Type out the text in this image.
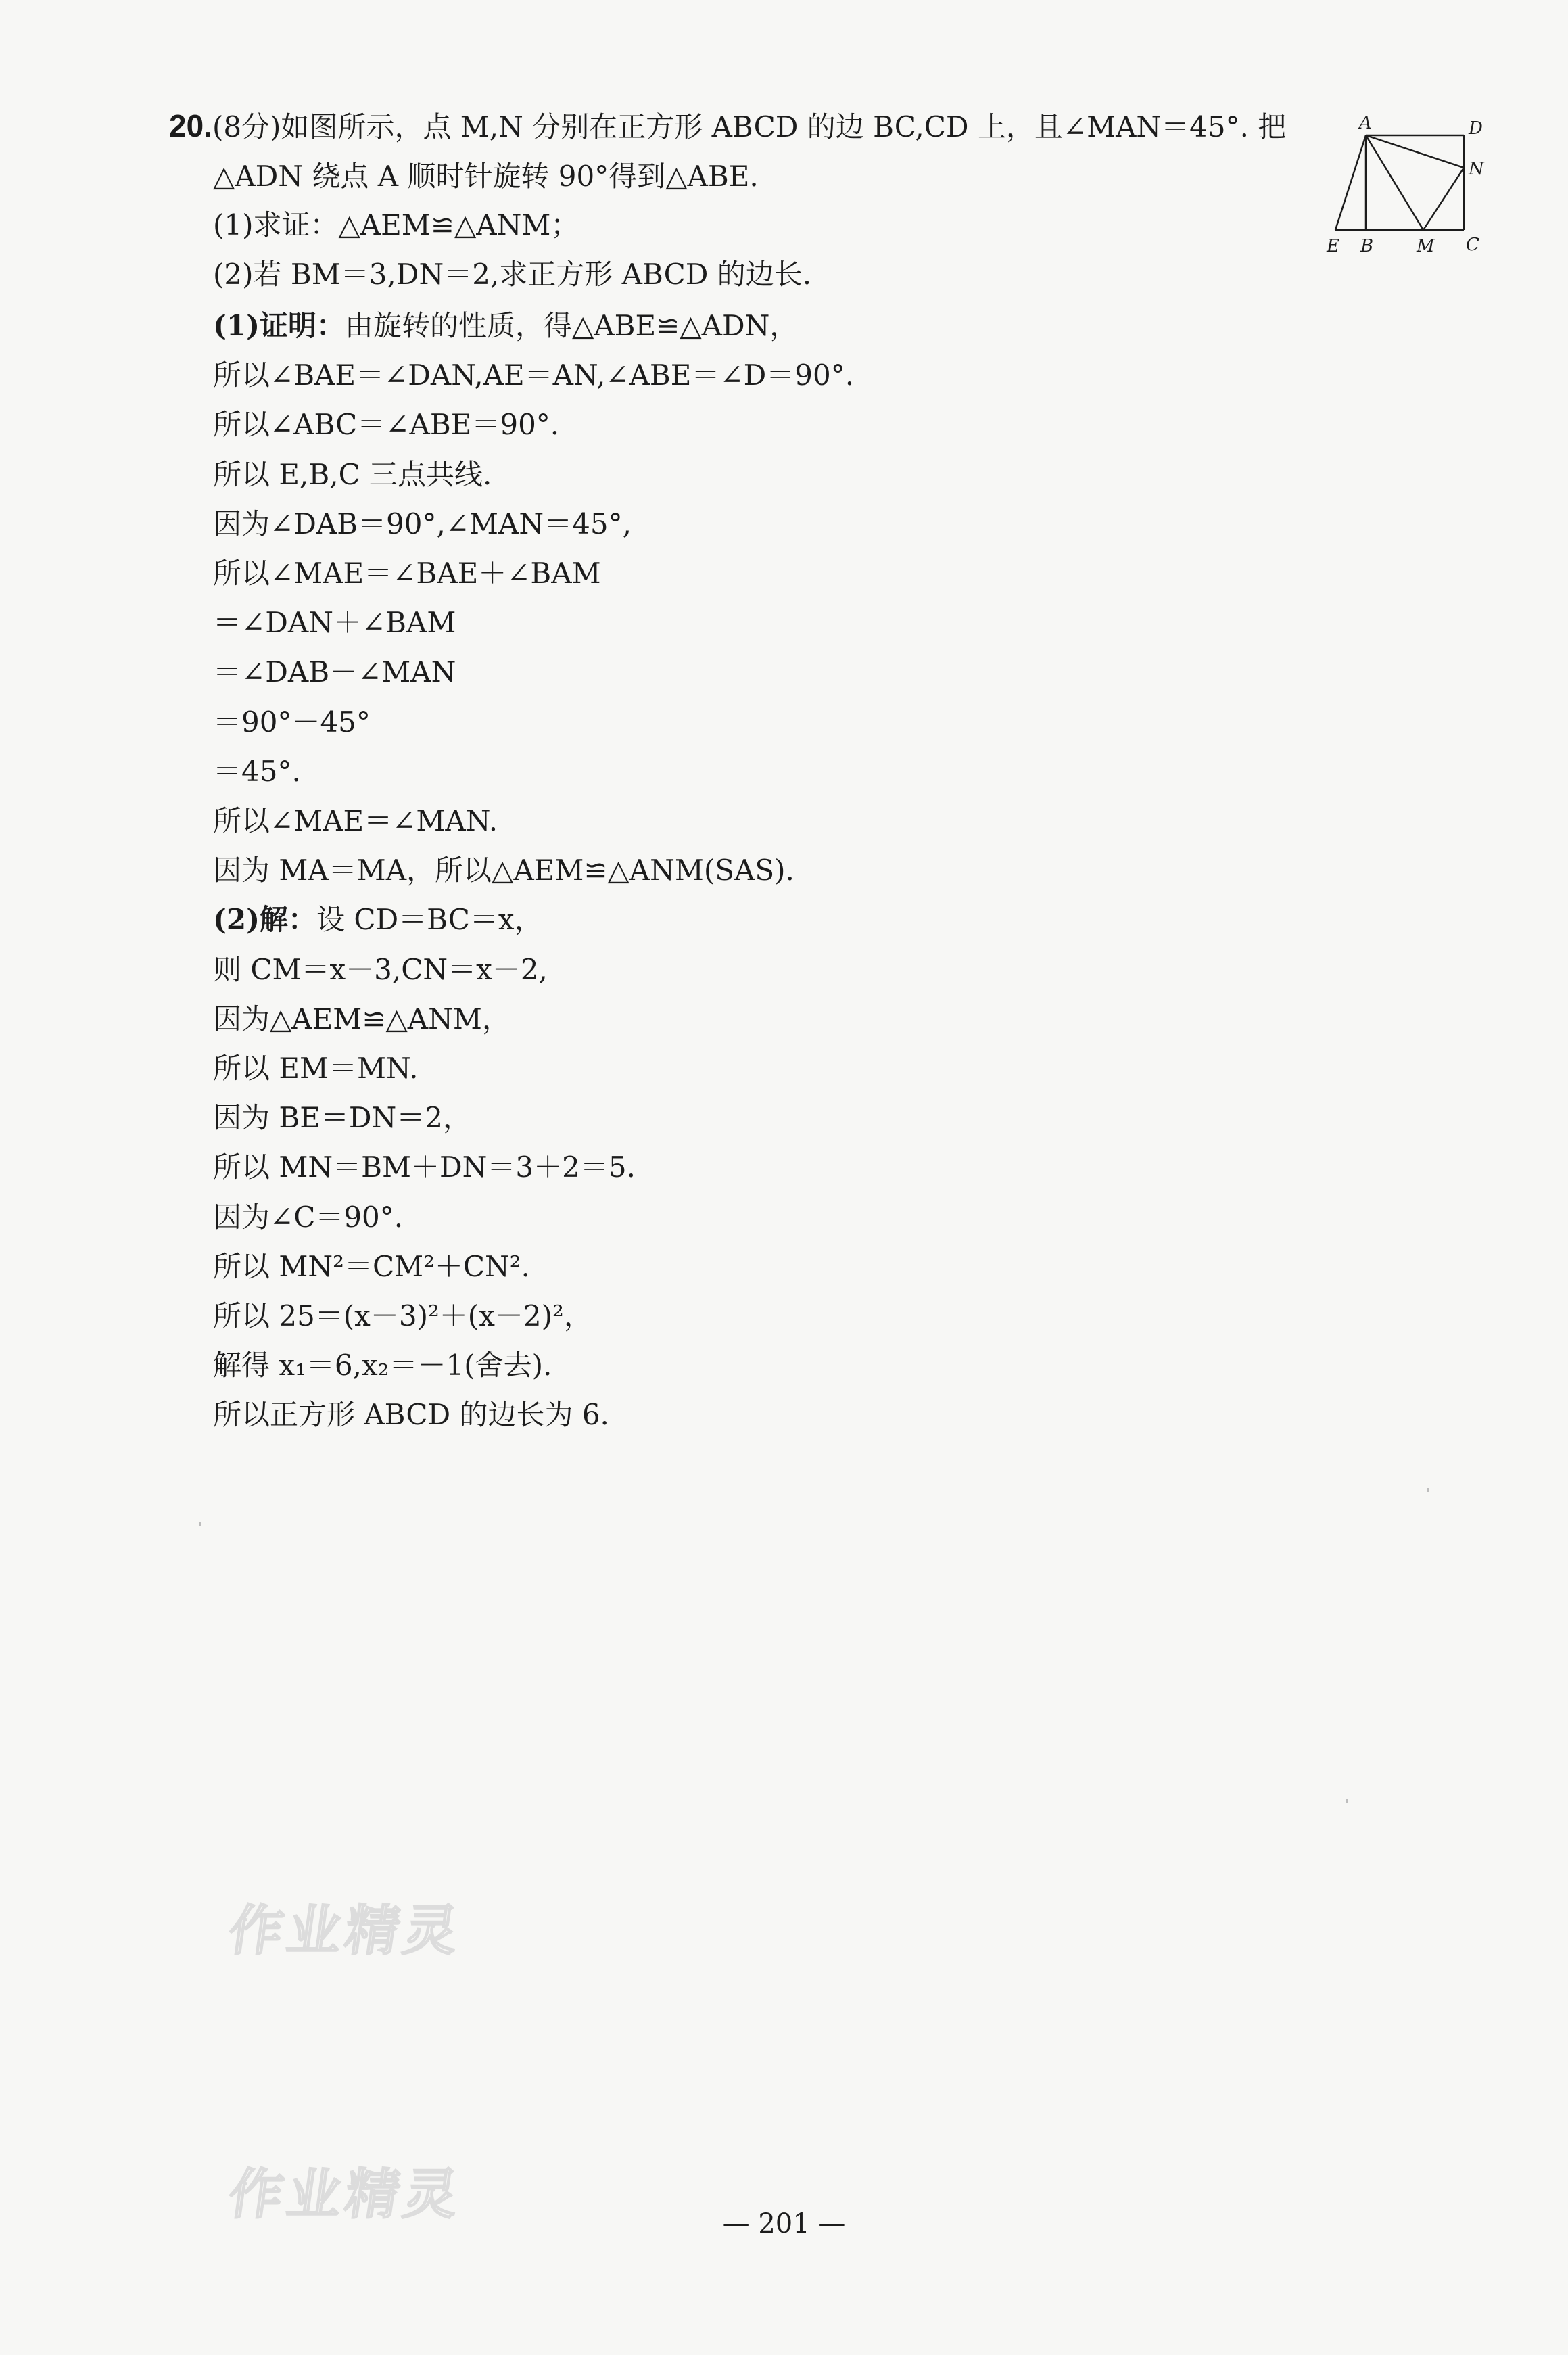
20.(8分)如图所示，点 M,N 分别在正方形 ABCD 的边 BC,CD 上，且∠MAN＝45°. 把
△ADN 绕点 A 顺时针旋转 90°得到△ABE.
(1)求证：△AEM≌△ANM；
(2)若 BM＝3,DN＝2,求正方形 ABCD 的边长.
A	D
N
C
M
B
E
(1)证明：由旋转的性质，得△ABE≌△ADN，
所以∠BAE＝∠DAN,AE＝AN,∠ABE＝∠D＝90°.
所以∠ABC＝∠ABE＝90°.
所以 E,B,C 三点共线.
因为∠DAB＝90°,∠MAN＝45°,
所以∠MAE＝∠BAE＋∠BAM
＝∠DAN＋∠BAM
＝∠DAB－∠MAN
＝90°－45°
＝45°.
所以∠MAE＝∠MAN.
因为 MA＝MA，所以△AEM≌△ANM(SAS).
(2)解：设 CD＝BC＝x，
则 CM＝x－3,CN＝x－2,
因为△AEM≌△ANM，
所以 EM＝MN.
因为 BE＝DN＝2，
所以 MN＝BM＋DN＝3＋2＝5.
因为∠C＝90°.
所以 MN²＝CM²＋CN².
所以 25＝(x－3)²＋(x－2)²，
解得 x₁＝6,x₂＝－1(舍去).
所以正方形 ABCD 的边长为 6.
作业精灵
作业精灵	— 201 —
